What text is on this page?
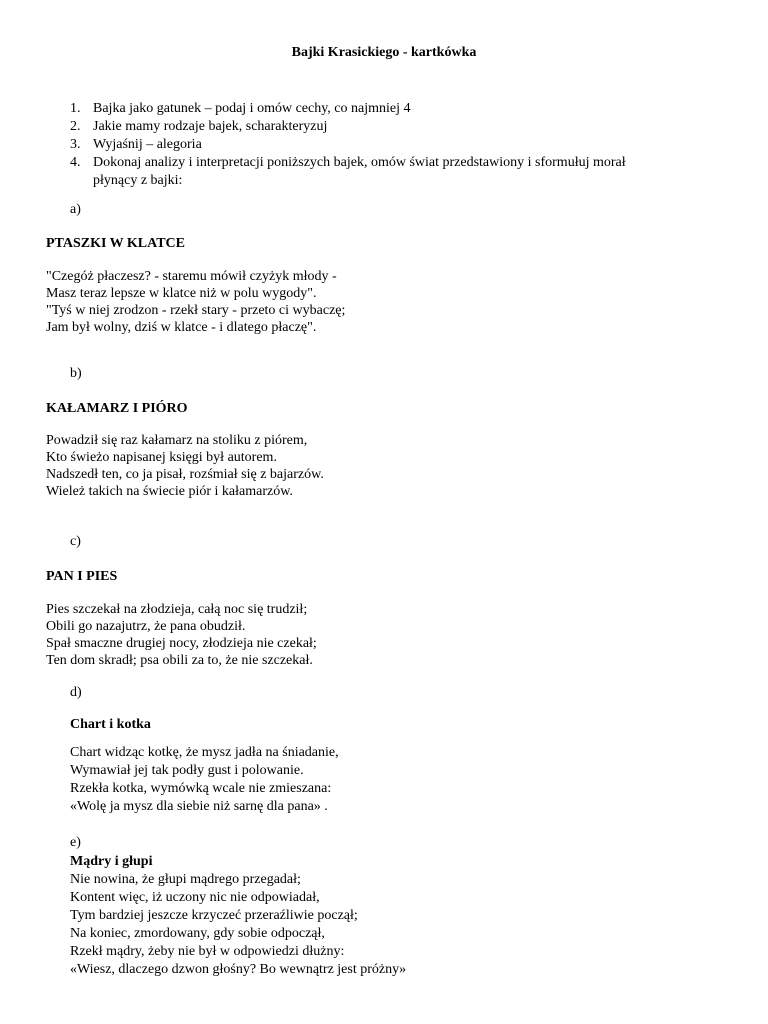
Bajki Krasickiego - kartkówka
1. Bajka jako gatunek – podaj i omów cechy, co najmniej 4
2. Jakie mamy rodzaje bajek, scharakteryzuj
3. Wyjaśnij – alegoria
4. Dokonaj analizy i interpretacji poniższych bajek, omów świat przedstawiony i sformułuj morał
płynący z bajki:
a)
PTASZKI W KLATCE
"Czegóż płaczesz? - staremu mówił czyżyk młody -
Masz teraz lepsze w klatce niż w polu wygody".
"Tyś w niej zrodzon - rzekł stary - przeto ci wybaczę;
Jam był wolny, dziś w klatce - i dlatego płaczę".
b)
KAŁAMARZ I PIÓRO
Powadził się raz kałamarz na stoliku z piórem,
Kto świeżo napisanej księgi był autorem.
Nadszedł ten, co ja pisał, rozśmiał się z bajarzów.
Wieleż takich na świecie piór i kałamarzów.
c)
PAN I PIES
Pies szczekał na złodzieja, całą noc się trudził;
Obili go nazajutrz, że pana obudził.
Spał smaczne drugiej nocy, złodzieja nie czekał;
Ten dom skradł; psa obili za to, że nie szczekał.
d)
Chart i kotka
Chart widząc kotkę, że mysz jadła na śniadanie,
Wymawiał jej tak podły gust i polowanie.
Rzekła kotka, wymówką wcale nie zmieszana:
«Wolę ja mysz dla siebie niż sarnę dla pana» .
e)
Mądry i głupi
Nie nowina, że głupi mądrego przegadał;
Kontent więc, iż uczony nic nie odpowiadał,
Tym bardziej jeszcze krzyczeć przeraźliwie począł;
Na koniec, zmordowany, gdy sobie odpoczął,
Rzekł mądry, żeby nie był w odpowiedzi dłużny:
«Wiesz, dlaczego dzwon głośny? Bo wewnątrz jest próżny»
